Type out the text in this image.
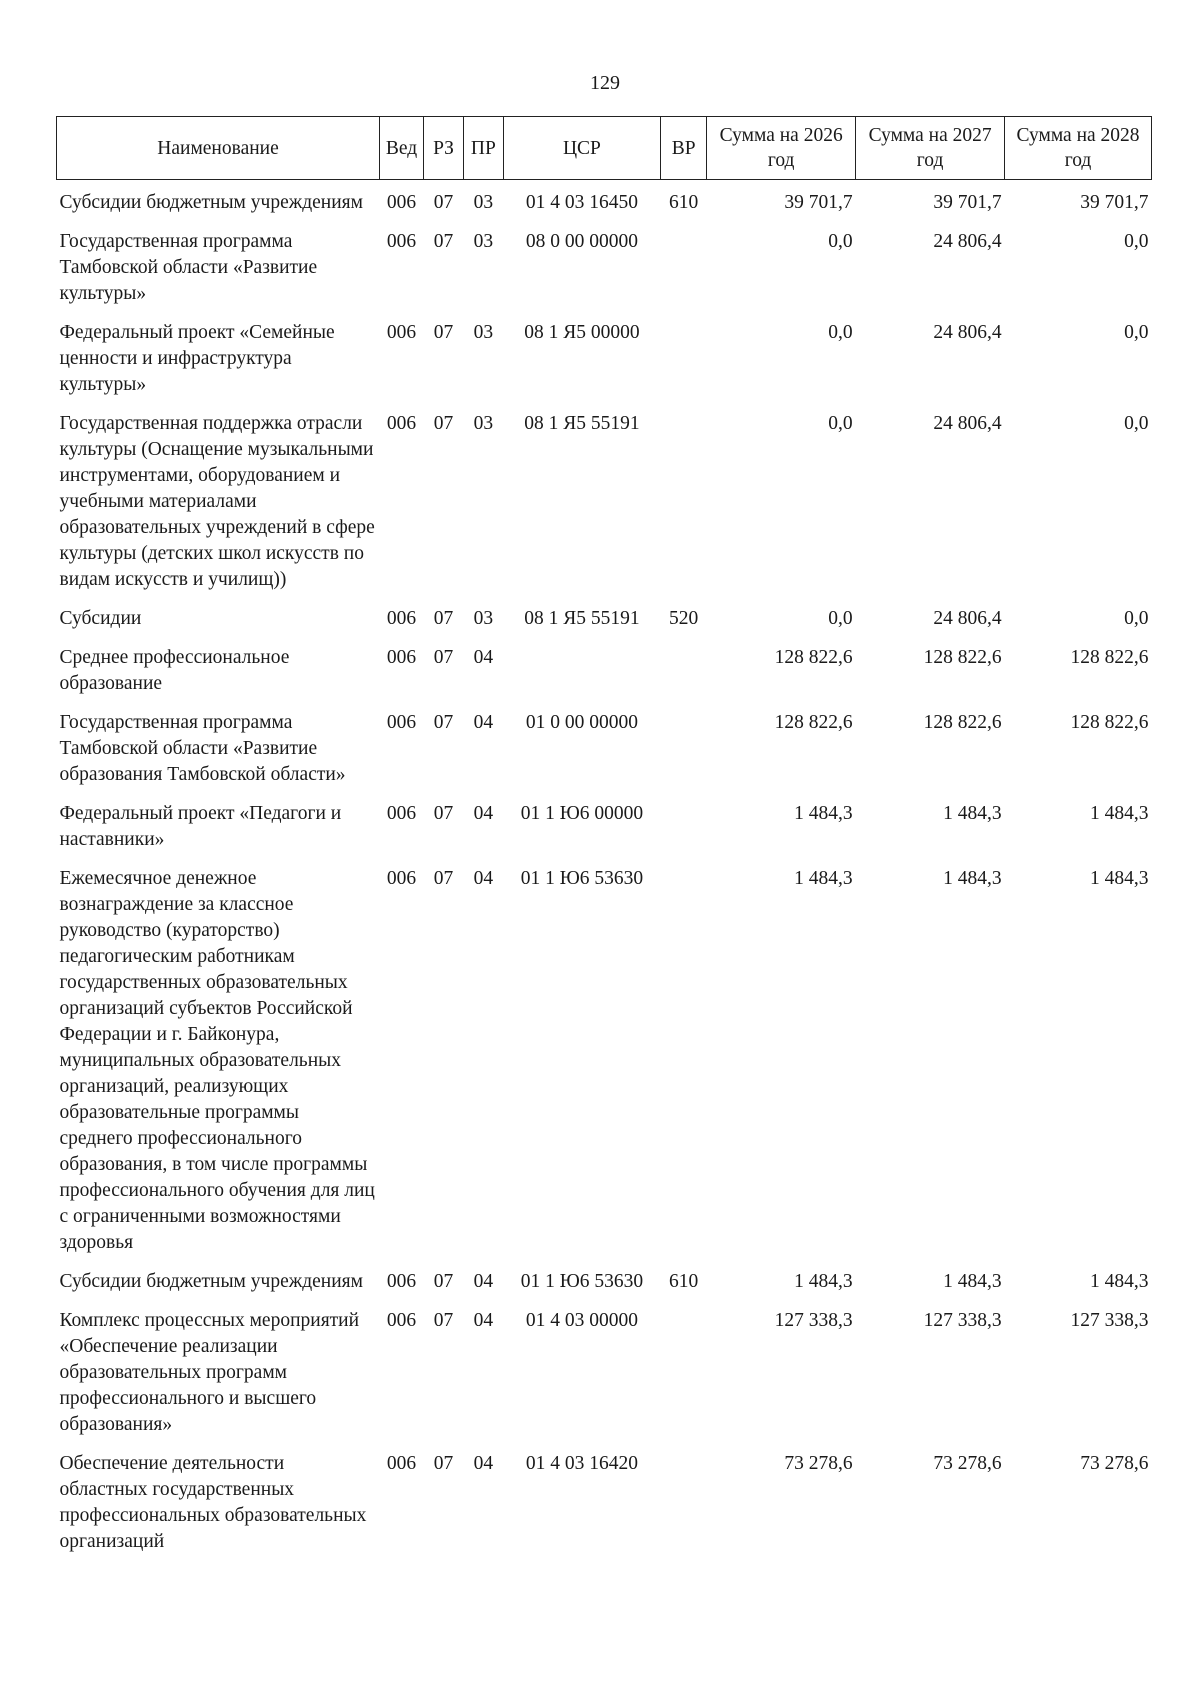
129
Наименование	Вед	РЗ	ПР	ЦСР	ВР	Сумма на 2026 год	Сумма на 2027 год	Сумма на 2028 год
Субсидии бюджетным учреждениям	006	07	03	01 4 03 16450	610	39 701,7	39 701,7	39 701,7
Государственная программа Тамбовской области «Развитие культуры»	006	07	03	08 0 00 00000		0,0	24 806,4	0,0
Федеральный проект «Семейные ценности и инфраструктура культуры»	006	07	03	08 1 Я5 00000		0,0	24 806,4	0,0
Государственная поддержка отрасли культуры (Оснащение музыкальными инструментами, оборудованием и учебными материалами образовательных учреждений в сфере культуры (детских школ искусств по видам искусств и училищ))	006	07	03	08 1 Я5 55191		0,0	24 806,4	0,0
Субсидии	006	07	03	08 1 Я5 55191	520	0,0	24 806,4	0,0
Среднее профессиональное образование	006	07	04			128 822,6	128 822,6	128 822,6
Государственная программа Тамбовской области «Развитие образования Тамбовской области»	006	07	04	01 0 00 00000		128 822,6	128 822,6	128 822,6
Федеральный проект «Педагоги и наставники»	006	07	04	01 1 Ю6 00000		1 484,3	1 484,3	1 484,3
Ежемесячное денежное вознаграждение за классное руководство (кураторство) педагогическим работникам государственных образовательных организаций субъектов Российской Федерации и г. Байконура, муниципальных образовательных организаций, реализующих образовательные программы среднего профессионального образования, в том числе программы профессионального обучения для лиц с ограниченными возможностями здоровья	006	07	04	01 1 Ю6 53630		1 484,3	1 484,3	1 484,3
Субсидии бюджетным учреждениям	006	07	04	01 1 Ю6 53630	610	1 484,3	1 484,3	1 484,3
Комплекс процессных мероприятий «Обеспечение реализации образовательных программ профессионального и высшего образования»	006	07	04	01 4 03 00000		127 338,3	127 338,3	127 338,3
Обеспечение деятельности областных государственных профессиональных образовательных организаций	006	07	04	01 4 03 16420		73 278,6	73 278,6	73 278,6
